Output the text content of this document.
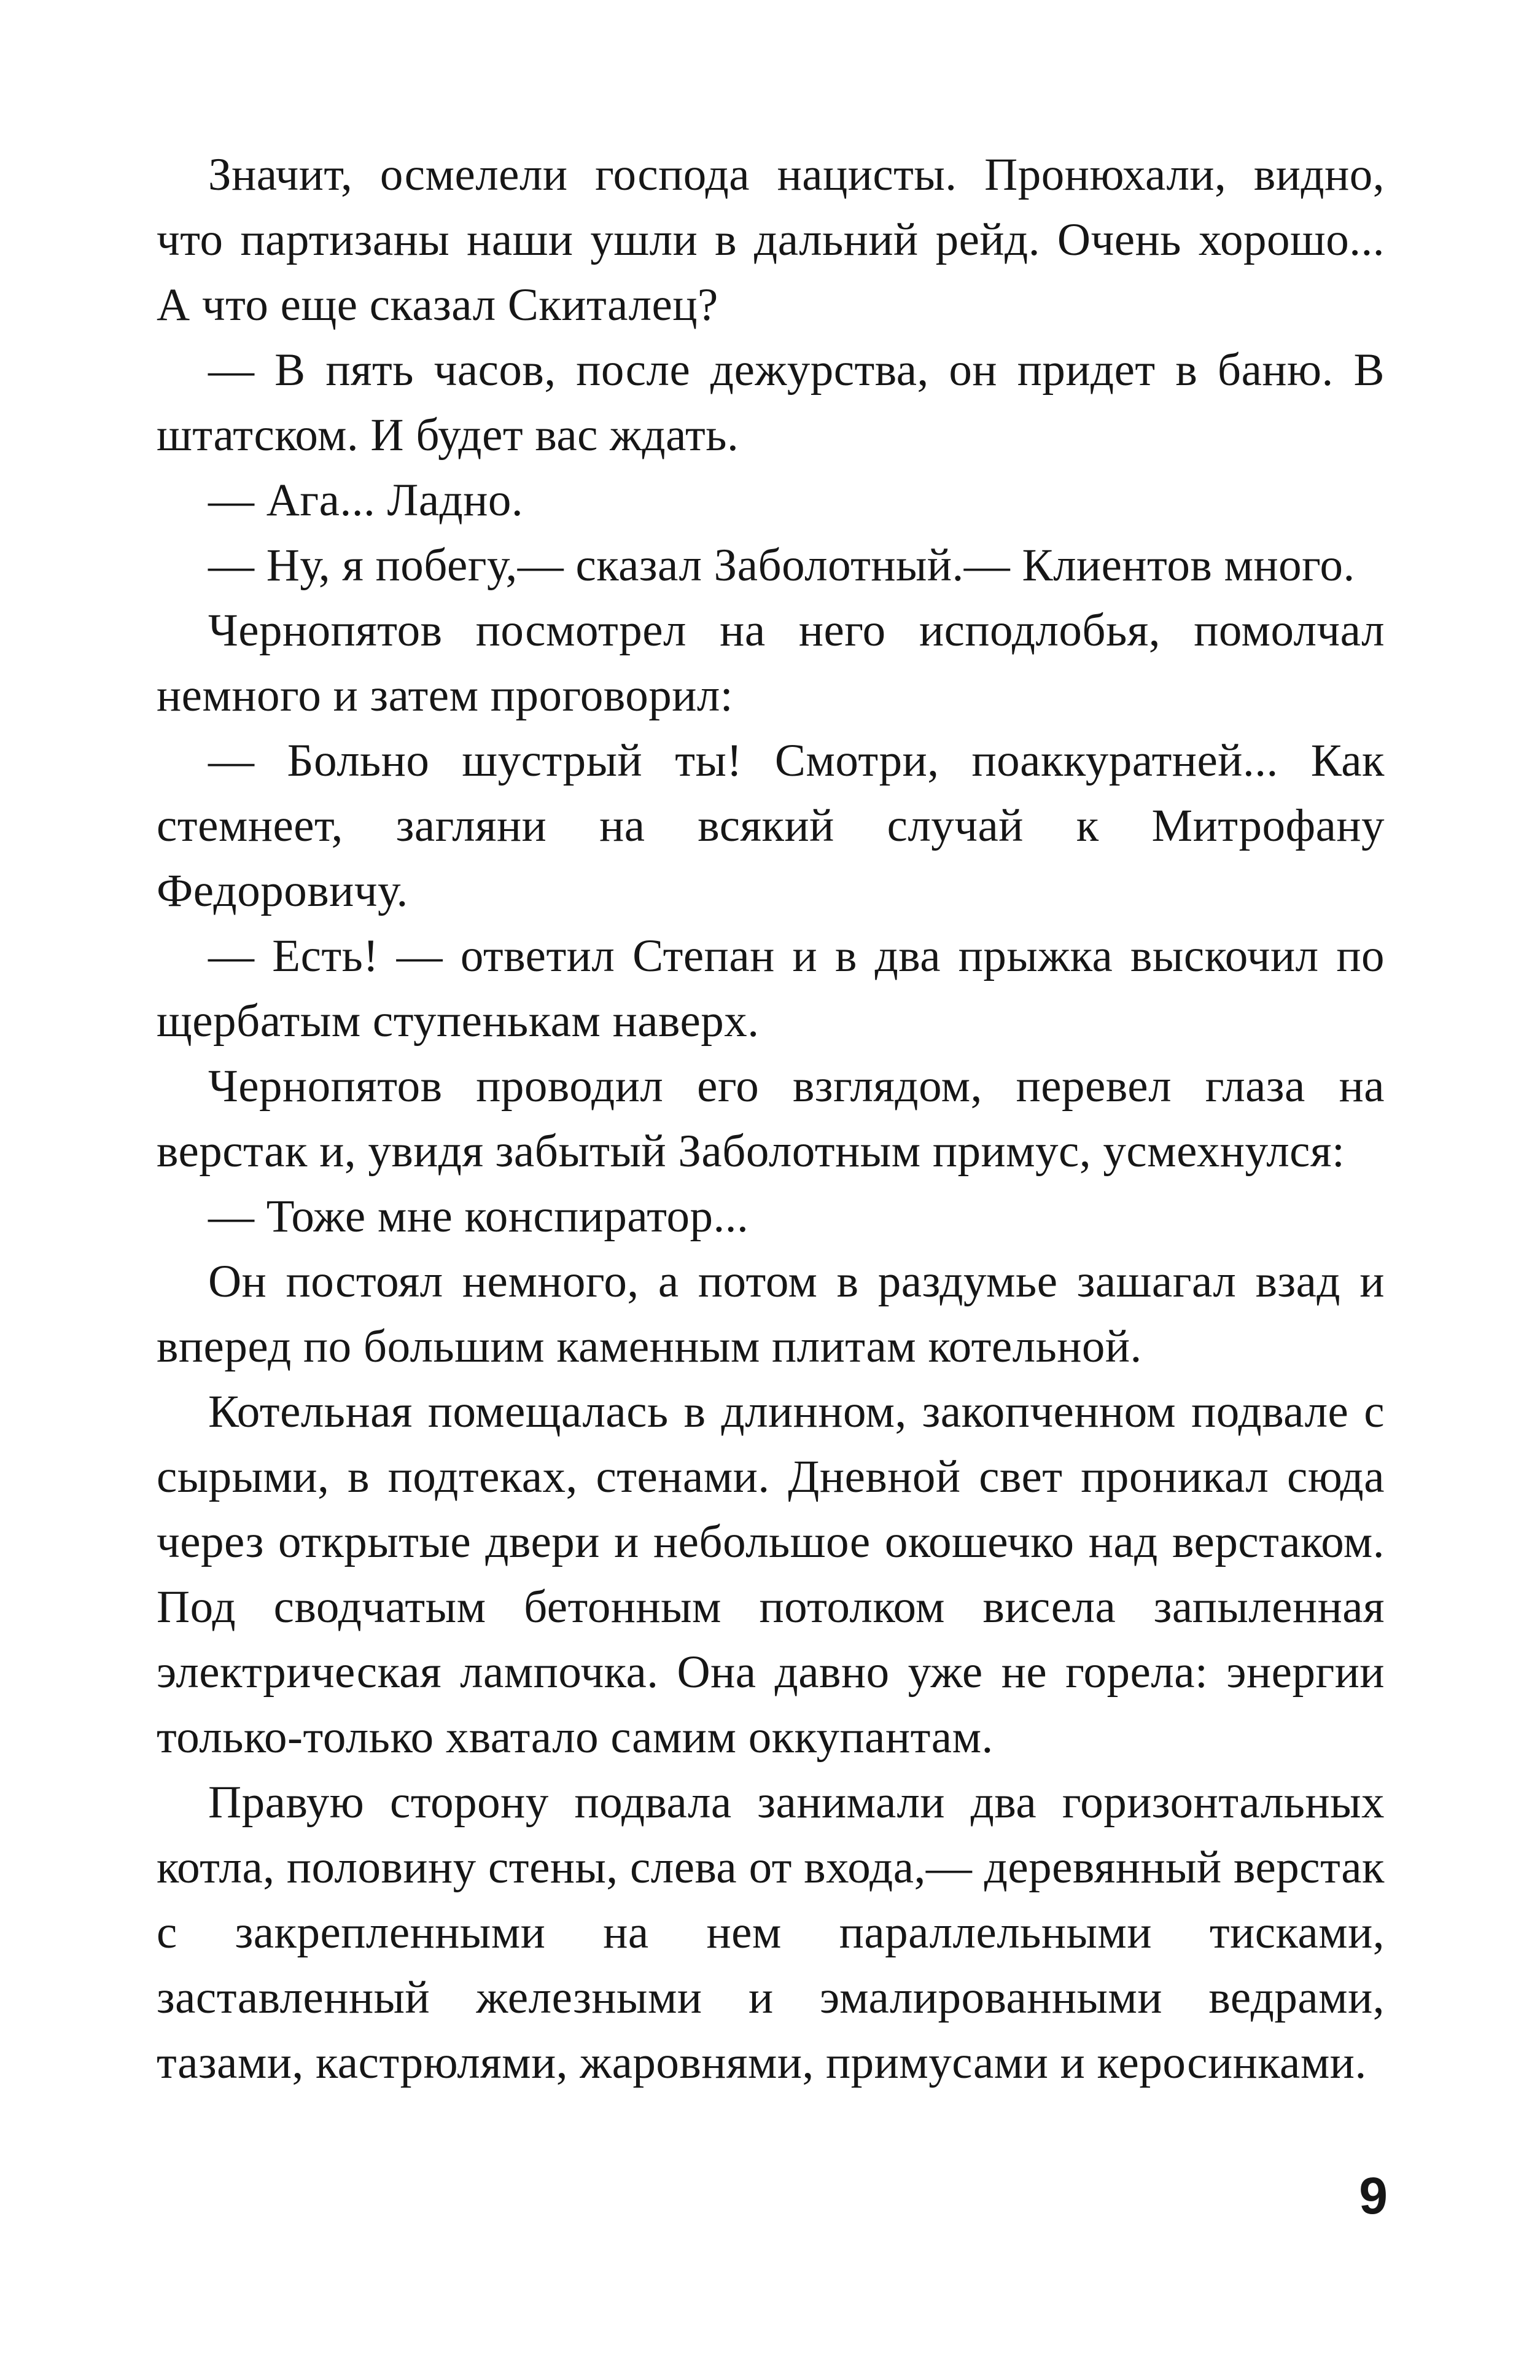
Значит, осмелели господа нацисты. Пронюхали, видно, что партизаны наши ушли в дальний рейд. Очень хорошо... А что еще сказал Скиталец?

— В пять часов, после дежурства, он придет в баню. В штатском. И будет вас ждать.

— Ага... Ладно.

— Ну, я побегу,— сказал Заболотный.— Клиентов много.

Чернопятов посмотрел на него исподлобья, помолчал немного и затем проговорил:

— Больно шустрый ты! Смотри, поаккуратней... Как стемнеет, загляни на всякий случай к Митрофану Федоровичу.

— Есть! — ответил Степан и в два прыжка выскочил по щербатым ступенькам наверх.

Чернопятов проводил его взглядом, перевел глаза на верстак и, увидя забытый Заболотным примус, усмехнулся:

— Тоже мне конспиратор...

Он постоял немного, а потом в раздумье зашагал взад и вперед по большим каменным плитам котельной.

Котельная помещалась в длинном, закопченном подвале с сырыми, в подтеках, стенами. Дневной свет проникал сюда через открытые двери и небольшое окошечко над верстаком. Под сводчатым бетонным потолком висела запыленная электрическая лампочка. Она давно уже не горела: энергии только-только хватало самим оккупантам.

Правую сторону подвала занимали два горизонтальных котла, половину стены, слева от входа,— деревянный верстак с закрепленными на нем параллельными тисками, заставленный железными и эмалированными ведрами, тазами, кастрюлями, жаровнями, примусами и керосинками.

9
